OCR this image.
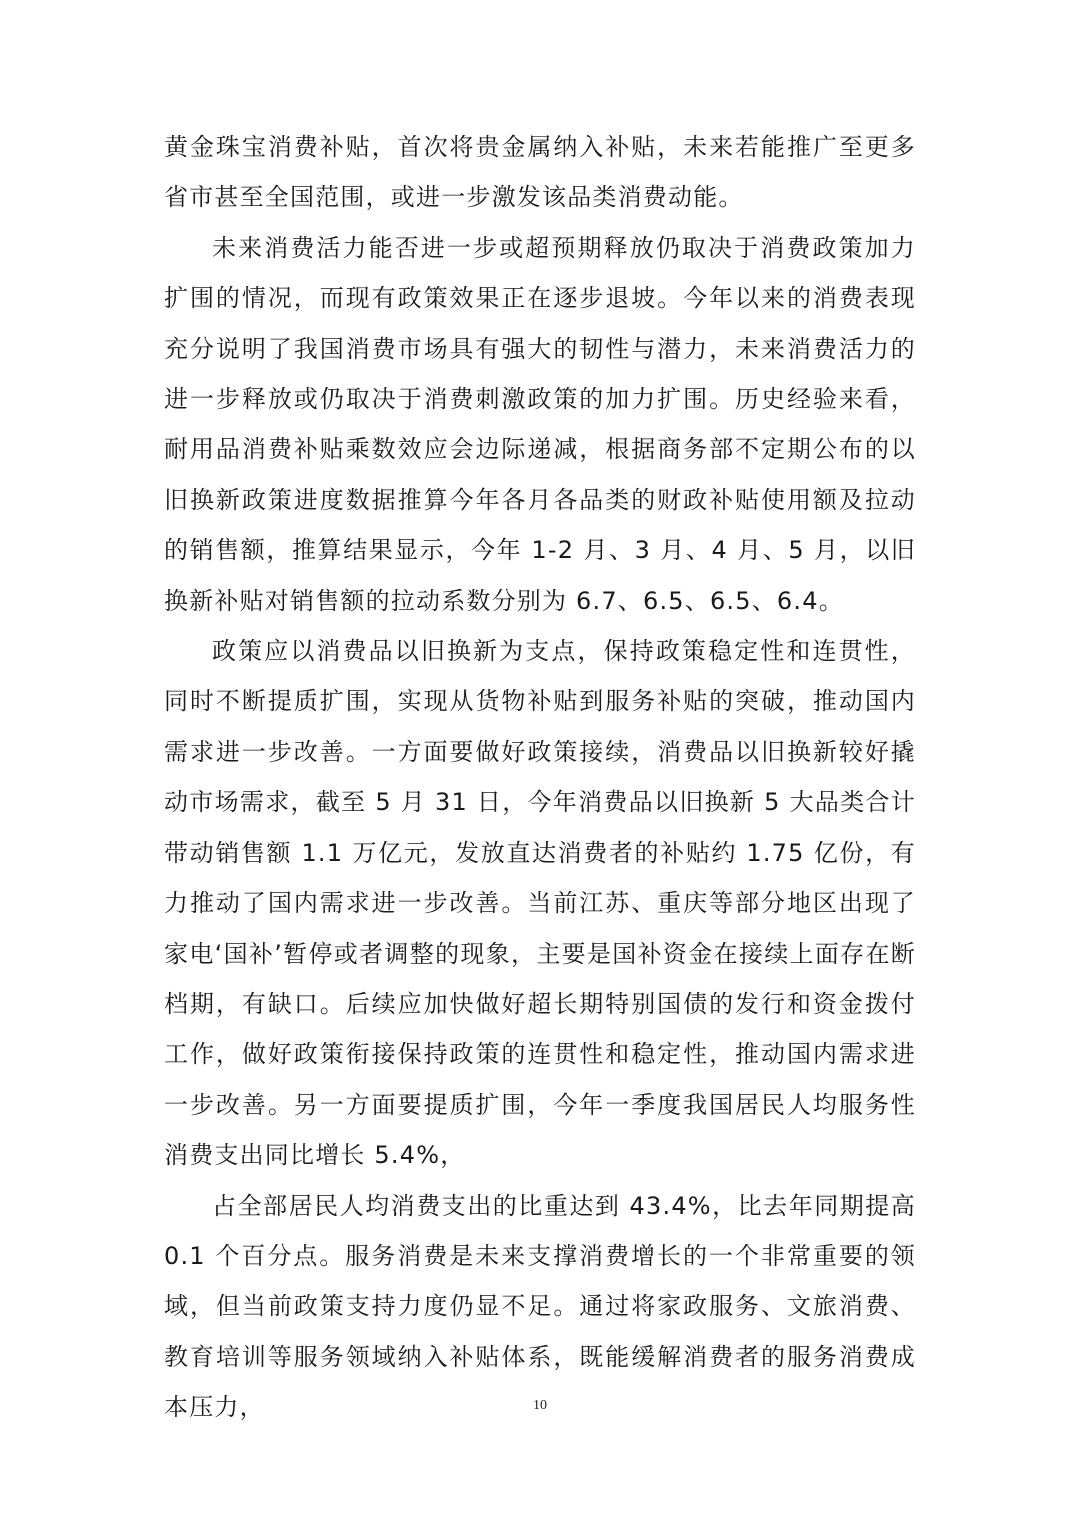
黄金珠宝消费补贴，首次将贵金属纳入补贴，未来若能推广至更多省市甚至全国范围，或进一步激发该品类消费动能。

未来消费活力能否进一步或超预期释放仍取决于消费政策加力扩围的情况，而现有政策效果正在逐步退坡。今年以来的消费表现充分说明了我国消费市场具有强大的韧性与潜力，未来消费活力的进一步释放或仍取决于消费刺激政策的加力扩围。历史经验来看，耐用品消费补贴乘数效应会边际递减，根据商务部不定期公布的以旧换新政策进度数据推算今年各月各品类的财政补贴使用额及拉动的销售额，推算结果显示，今年 1-2 月、3 月、4 月、5 月，以旧换新补贴对销售额的拉动系数分别为 6.7、6.5、6.5、6.4。

政策应以消费品以旧换新为支点，保持政策稳定性和连贯性，同时不断提质扩围，实现从货物补贴到服务补贴的突破，推动国内需求进一步改善。一方面要做好政策接续，消费品以旧换新较好撬动市场需求，截至 5 月 31 日，今年消费品以旧换新 5 大品类合计带动销售额 1.1 万亿元，发放直达消费者的补贴约 1.75 亿份，有力推动了国内需求进一步改善。当前江苏、重庆等部分地区出现了家电‘国补’暂停或者调整的现象，主要是国补资金在接续上面存在断档期，有缺口。后续应加快做好超长期特别国债的发行和资金拨付工作，做好政策衔接保持政策的连贯性和稳定性，推动国内需求进一步改善。另一方面要提质扩围，今年一季度我国居民人均服务性消费支出同比增长 5.4%，

占全部居民人均消费支出的比重达到 43.4%，比去年同期提高 0.1 个百分点。服务消费是未来支撑消费增长的一个非常重要的领域，但当前政策支持力度仍显不足。通过将家政服务、文旅消费、教育培训等服务领域纳入补贴体系，既能缓解消费者的服务消费成本压力，	10
